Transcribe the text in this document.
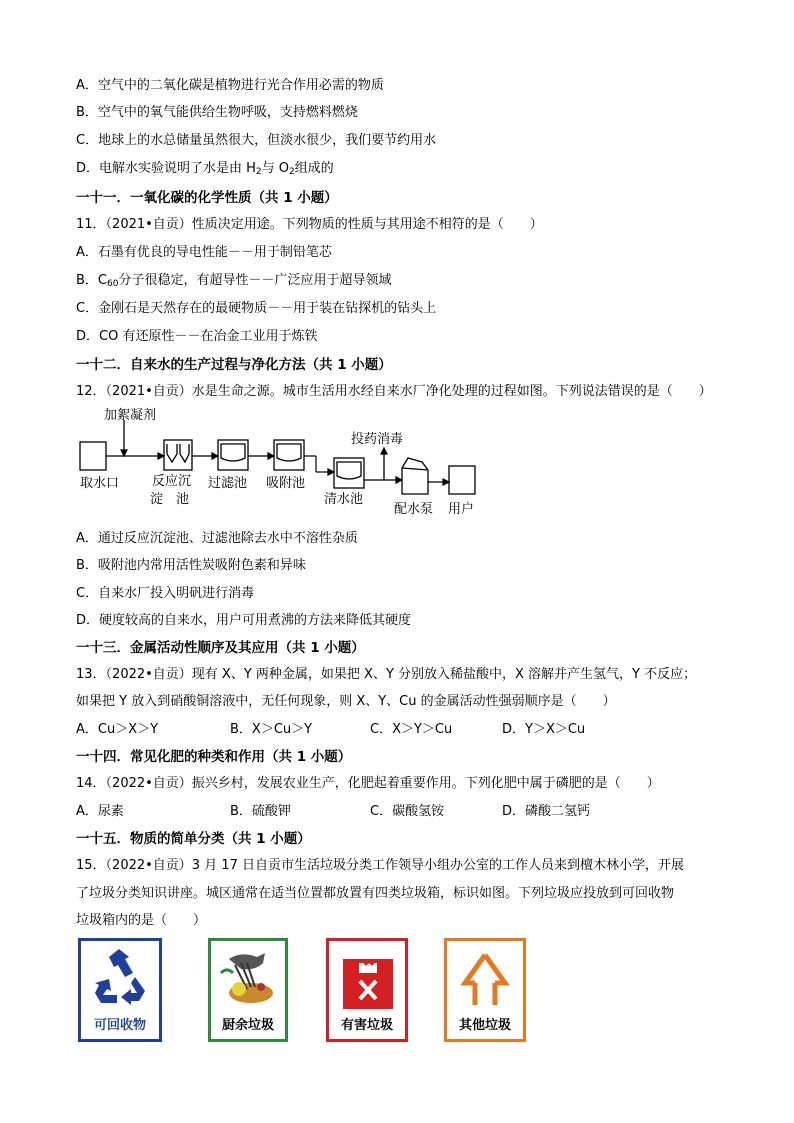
A．空气中的二氧化碳是植物进行光合作用必需的物质
B．空气中的氧气能供给生物呼吸，支持燃料燃烧
C．地球上的水总储量虽然很大，但淡水很少，我们要节约用水
D．电解水实验说明了水是由 $H_2$与 $O_2$组成的
一十一．一氧化碳的化学性质（共 1 小题）
11．（2021•自贡）性质决定用途。下列物质的性质与其用途不相符的是（　　）
A．石墨有优良的导电性能－－用于制铅笔芯
B．$C_{60}$分子很稳定，有超导性－－广泛应用于超导领域
C．金刚石是天然存在的最硬物质－－用于装在钻探机的钻头上
D．CO 有还原性－－在冶金工业用于炼铁
一十二．自来水的生产过程与净化方法（共 1 小题）
12．（2021•自贡）水是生命之源。城市生活用水经自来水厂净化处理的过程如图。下列说法错误的是（　　）
加絮凝剂
投药消毒
取水口	反应沉
淀　池
过滤池 吸附池
清水池
配水泵 用户
A．通过反应沉淀池、过滤池除去水中不溶性杂质
B．吸附池内常用活性炭吸附色素和异味
C．自来水厂投入明矾进行消毒
D．硬度较高的自来水，用户可用煮沸的方法来降低其硬度
一十三．金属活动性顺序及其应用（共 1 小题）
13．（2022•自贡）现有 X、Y 两种金属，如果把 X、Y 分别放入稀盐酸中，X 溶解并产生氢气，Y 不反应；
如果把 Y 放入到硝酸铜溶液中，无任何现象，则 X、Y、Cu 的金属活动性强弱顺序是（　　）
A．Cu＞X＞Y	B．X＞Cu＞Y	C．X＞Y＞Cu	D．Y＞X＞Cu
一十四．常见化肥的种类和作用（共 1 小题）
14．（2022•自贡）振兴乡村，发展农业生产，化肥起着重要作用。下列化肥中属于磷肥的是（　　）
A．尿素	B．硫酸钾	C．碳酸氢铵	D．磷酸二氢钙
一十五．物质的简单分类（共 1 小题）
15．（2022•自贡）3 月 17 日自贡市生活垃圾分类工作领导小组办公室的工作人员来到檀木林小学，开展
了垃圾分类知识讲座。城区通常在适当位置都放置有四类垃圾箱，标识如图。下列垃圾应投放到可回收物
垃圾箱内的是（　　）
可回收物	厨余垃圾	有害垃圾	其他垃圾
